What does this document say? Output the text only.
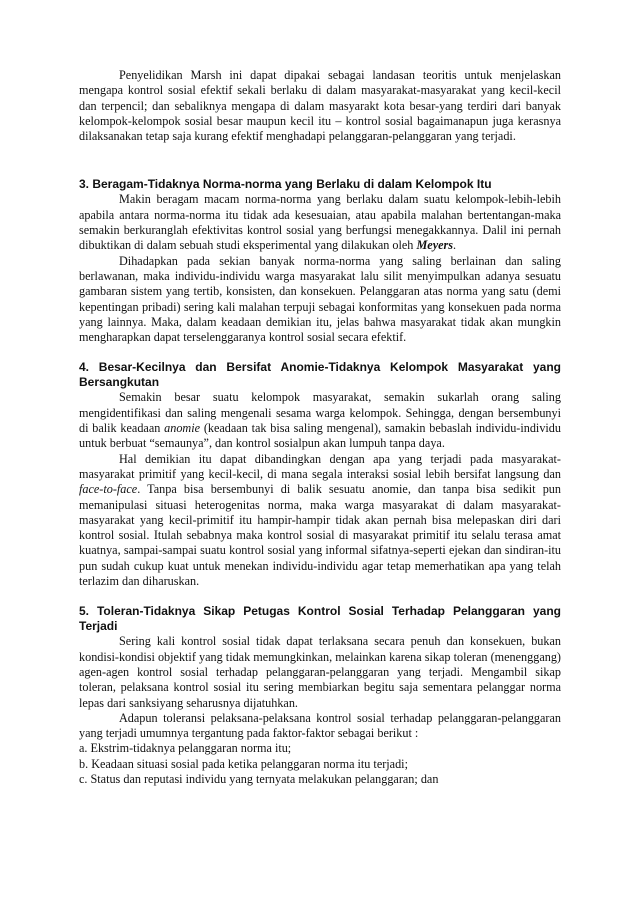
Penyelidikan Marsh ini dapat dipakai sebagai landasan teoritis untuk menjelaskan mengapa kontrol sosial efektif sekali berlaku di dalam masyarakat-masyarakat yang kecil-kecil dan terpencil; dan sebaliknya mengapa di dalam masyarakt kota besar-yang terdiri dari banyak kelompok-kelompok sosial besar maupun kecil itu – kontrol sosial bagaimanapun juga kerasnya dilaksanakan tetap saja kurang efektif menghadapi pelanggaran-pelanggaran yang terjadi.

3. Beragam-Tidaknya Norma-norma yang Berlaku di dalam Kelompok Itu

Makin beragam macam norma-norma yang berlaku dalam suatu kelompok-lebih-lebih apabila antara norma-norma itu tidak ada kesesuaian, atau apabila malahan bertentangan-maka semakin berkuranglah efektivitas kontrol sosial yang berfungsi menegakkannya. Dalil ini pernah dibuktikan di dalam sebuah studi eksperimental yang dilakukan oleh Meyers.

Dihadapkan pada sekian banyak norma-norma yang saling berlainan dan saling berlawanan, maka individu-individu warga masyarakat lalu silit menyimpulkan adanya sesuatu gambaran sistem yang tertib, konsisten, dan konsekuen. Pelanggaran atas norma yang satu (demi kepentingan pribadi) sering kali malahan terpuji sebagai konformitas yang konsekuen pada norma yang lainnya. Maka, dalam keadaan demikian itu, jelas bahwa masyarakat tidak akan mungkin mengharapkan dapat terselenggaranya kontrol sosial secara efektif.

4. Besar-Kecilnya dan Bersifat Anomie-Tidaknya Kelompok Masyarakat yang Bersangkutan

Semakin besar suatu kelompok masyarakat, semakin sukarlah orang saling mengidentifikasi dan saling mengenali sesama warga kelompok. Sehingga, dengan bersembunyi di balik keadaan anomie (keadaan tak bisa saling mengenal), samakin bebaslah individu-individu untuk berbuat “semaunya”, dan kontrol sosialpun akan lumpuh tanpa daya.

Hal demikian itu dapat dibandingkan dengan apa yang terjadi pada masyarakat-masyarakat primitif yang kecil-kecil, di mana segala interaksi sosial lebih bersifat langsung dan face-to-face. Tanpa bisa bersembunyi di balik sesuatu anomie, dan tanpa bisa sedikit pun memanipulasi situasi heterogenitas norma, maka warga masyarakat di dalam masyarakat-masyarakat yang kecil-primitif itu hampir-hampir tidak akan pernah bisa melepaskan diri dari kontrol sosial. Itulah sebabnya maka kontrol sosial di masyarakat primitif itu selalu terasa amat kuatnya, sampai-sampai suatu kontrol sosial yang informal sifatnya-seperti ejekan dan sindiran-itu pun sudah cukup kuat untuk menekan individu-individu agar tetap memerhatikan apa yang telah terlazim dan diharuskan.

5. Toleran-Tidaknya Sikap Petugas Kontrol Sosial Terhadap Pelanggaran yang Terjadi

Sering kali kontrol sosial tidak dapat terlaksana secara penuh dan konsekuen, bukan kondisi-kondisi objektif yang tidak memungkinkan, melainkan karena sikap toleran (menenggang) agen-agen kontrol sosial terhadap pelanggaran-pelanggaran yang terjadi. Mengambil sikap toleran, pelaksana kontrol sosial itu sering membiarkan begitu saja sementara pelanggar norma lepas dari sanksiyang seharusnya dijatuhkan.

Adapun toleransi pelaksana-pelaksana kontrol sosial terhadap pelanggaran-pelanggaran yang terjadi umumnya tergantung pada faktor-faktor sebagai berikut :

a. Ekstrim-tidaknya pelanggaran norma itu;

b. Keadaan situasi sosial pada ketika pelanggaran norma itu terjadi;

c. Status dan reputasi individu yang ternyata melakukan pelanggaran; dan
